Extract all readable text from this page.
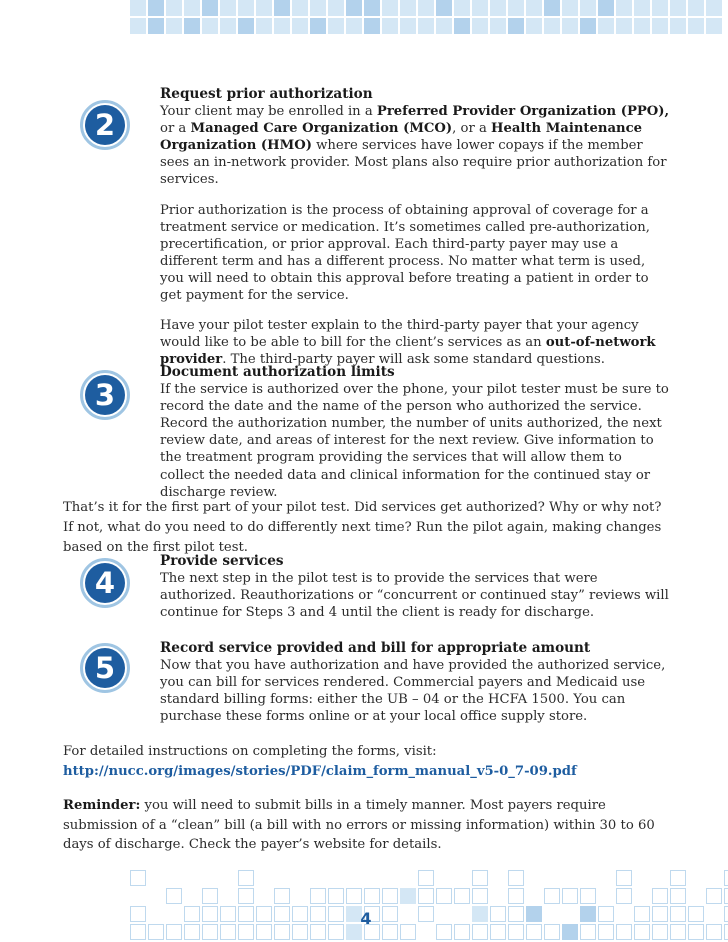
2
Request prior authorization

Your client may be enrolled in a Preferred Provider Organization (PPO), or a Managed Care Organization (MCO), or a Health Maintenance Organization (HMO) where services have lower copays if the member sees an in-network provider. Most plans also require prior authorization for services.

Prior authorization is the process of obtaining approval of coverage for a treatment service or medication. It’s sometimes called pre-authorization, precertification, or prior approval. Each third-party payer may use a different term and has a different process. No matter what term is used, you will need to obtain this approval before treating a patient in order to get payment for the service.

Have your pilot tester explain to the third-party payer that your agency would like to be able to bill for the client’s services as an out-of-network provider. The third-party payer will ask some standard questions.

3
Document authorization limits

If the service is authorized over the phone, your pilot tester must be sure to record the date and the name of the person who authorized the service. Record the authorization number, the number of units authorized, the next review date, and areas of interest for the next review. Give information to the treatment program providing the services that will allow them to collect the needed data and clinical information for the continued stay or discharge review.

That’s it for the first part of your pilot test. Did services get authorized? Why or why not? If not, what do you need to do differently next time? Run the pilot again, making changes based on the first pilot test.
4
Provide services

The next step in the pilot test is to provide the services that were authorized. Reauthorizations or “concurrent or continued stay” reviews will continue for Steps 3 and 4 until the client is ready for discharge.

5
Record service provided and bill for appropriate amount

Now that you have authorization and have provided the authorized service, you can bill for services rendered. Commercial payers and Medicaid use standard billing forms: either the UB – 04 or the HCFA 1500. You can purchase these forms online or at your local office supply store.

For detailed instructions on completing the forms, visit:
http://nucc.org/images/stories/PDF/claim_form_manual_v5-0_7-09.pdf
Reminder: you will need to submit bills in a timely manner. Most payers require submission of a “clean” bill (a bill with no errors or missing information) within 30 to 60 days of discharge. Check the payer’s website for details.
4
